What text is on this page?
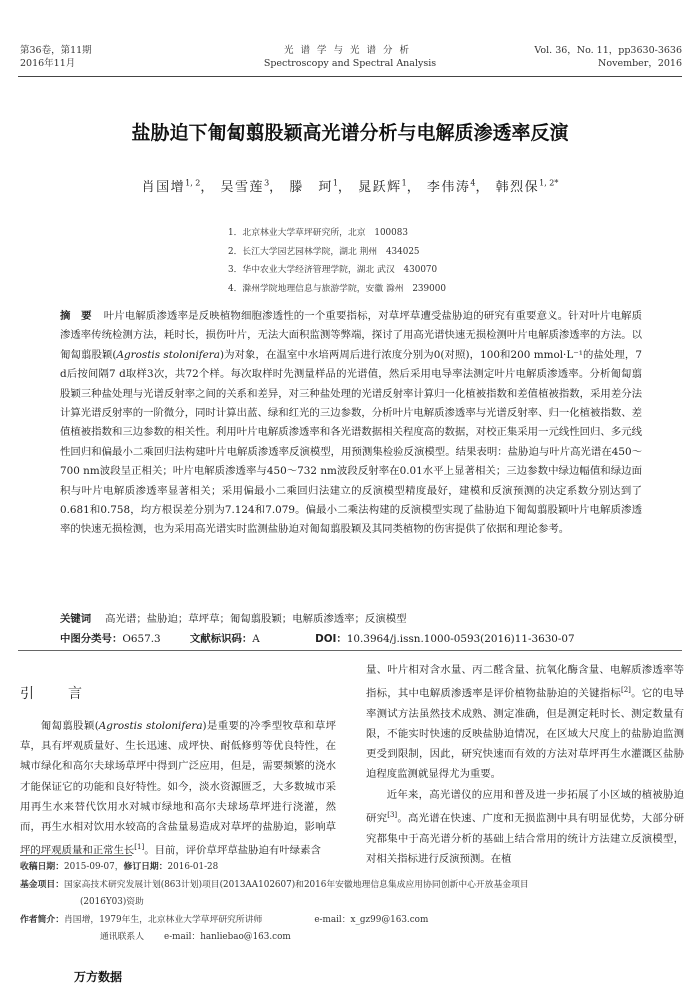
第36卷，第11期
2016年11月
光谱学与光谱分析
Spectroscopy and Spectral Analysis
Vol. 36，No. 11，pp3630-3636
November，2016
盐胁迫下匍匐翦股颖高光谱分析与电解质渗透率反演
肖国增$^{1, 2}$， 吴雪莲$^3$， 滕　珂$^1$， 晁跃辉$^1$， 李伟涛$^4$， 韩烈保$^{1, 2*}$
1．北京林业大学草坪研究所，北京　100083
2．长江大学园艺园林学院，湖北 荆州　434025
3．华中农业大学经济管理学院，湖北 武汉　430070
4．滁州学院地理信息与旅游学院，安徽 滁州　239000
摘　要 叶片电解质渗透率是反映植物细胞渗透性的一个重要指标，对草坪草遭受盐胁迫的研究有重要意义。针对叶片电解质渗透率传统检测方法，耗时长，损伤叶片，无法大面积监测等弊端，探讨了用高光谱快速无损检测叶片电解质渗透率的方法。以匍匐翦股颖(Agrostis stolonifera)为对象，在温室中水培两周后进行浓度分别为0(对照)，100和200 mmol·L⁻¹的盐处理，7 d后按间隔7 d取样3次，共72个样。每次取样时先测量样品的光谱值，然后采用电导率法测定叶片电解质渗透率。分析匍匐翦股颖三种盐处理与光谱反射率之间的关系和差异，对三种盐处理的光谱反射率计算归一化植被指数和差值植被指数，采用差分法计算光谱反射率的一阶微分，同时计算出蓝、绿和红光的三边参数，分析叶片电解质渗透率与光谱反射率、归一化植被指数、差值植被指数和三边参数的相关性。利用叶片电解质渗透率和各光谱数据相关程度高的数据，对校正集采用一元线性回归、多元线性回归和偏最小二乘回归法构建叶片电解质渗透率反演模型，用预测集检验反演模型。结果表明：盐胁迫与叶片高光谱在450～700 nm波段呈正相关；叶片电解质渗透率与450～732 nm波段反射率在0.01水平上显著相关；三边参数中绿边幅值和绿边面积与叶片电解质渗透率显著相关；采用偏最小二乘回归法建立的反演模型精度最好，建模和反演预测的决定系数分别达到了0.681和0.758，均方根误差分别为7.124和7.079。偏最小二乘法构建的反演模型实现了盐胁迫下匍匐翦股颖叶片电解质渗透率的快速无损检测，也为采用高光谱实时监测盐胁迫对匍匐翦股颖及其同类植物的伤害提供了依据和理论参考。
关键词 高光谱；盐胁迫；草坪草；匍匐翦股颖；电解质渗透率；反演模型
中图分类号：O657.3	文献标识码：A	DOI：10.3964/j.issn.1000-0593(2016)11-3630-07
引　言
匍匐翦股颖(Agrostis stolonifera)是重要的冷季型牧草和草坪草，具有坪观质量好、生长迅速、成坪快、耐低修剪等优良特性，在城市绿化和高尔夫球场草坪中得到广泛应用，但是，需要频繁的浇水才能保证它的功能和良好特性。如今，淡水资源匮乏，大多数城市采用再生水来替代饮用水对城市绿地和高尔夫球场草坪进行浇灌，然而，再生水相对饮用水较高的含盐量易造成对草坪的盐胁迫，影响草坪的坪观质量和正常生长[1]。目前，评价草坪草盐胁迫有叶绿素含

量、叶片相对含水量、丙二醛含量、抗氧化酶含量、电解质渗透率等指标，其中电解质渗透率是评价植物盐胁迫的关键指标[2]。它的电导率测试方法虽然技术成熟、测定准确，但是测定耗时长、测定数量有限，不能实时快速的反映盐胁迫情况，在区域大尺度上的盐胁迫监测更受到限制，因此，研究快速而有效的方法对草坪再生水灌溉区盐胁迫程度监测就显得尤为重要。

近年来，高光谱仪的应用和普及进一步拓展了小区域的植被胁迫研究[3]。高光谱在快速、广度和无损监测中具有明显优势，大部分研究都集中于高光谱分析的基础上结合常用的统计方法建立反演模型，对相关指标进行反演预测。在植

收稿日期：2015-09-07，修订日期：2016-01-28
基金项目：国家高技术研究发展计划(863计划)项目(2013AA102607)和2016年安徽地理信息集成应用协同创新中心开放基金项目
(2016Y03)资助
作者简介：肖国增，1979年生，北京林业大学草坪研究所讲师	e-mail：x_gz99@163.com
通讯联系人 e-mail：hanliebao@163.com
万方数据
